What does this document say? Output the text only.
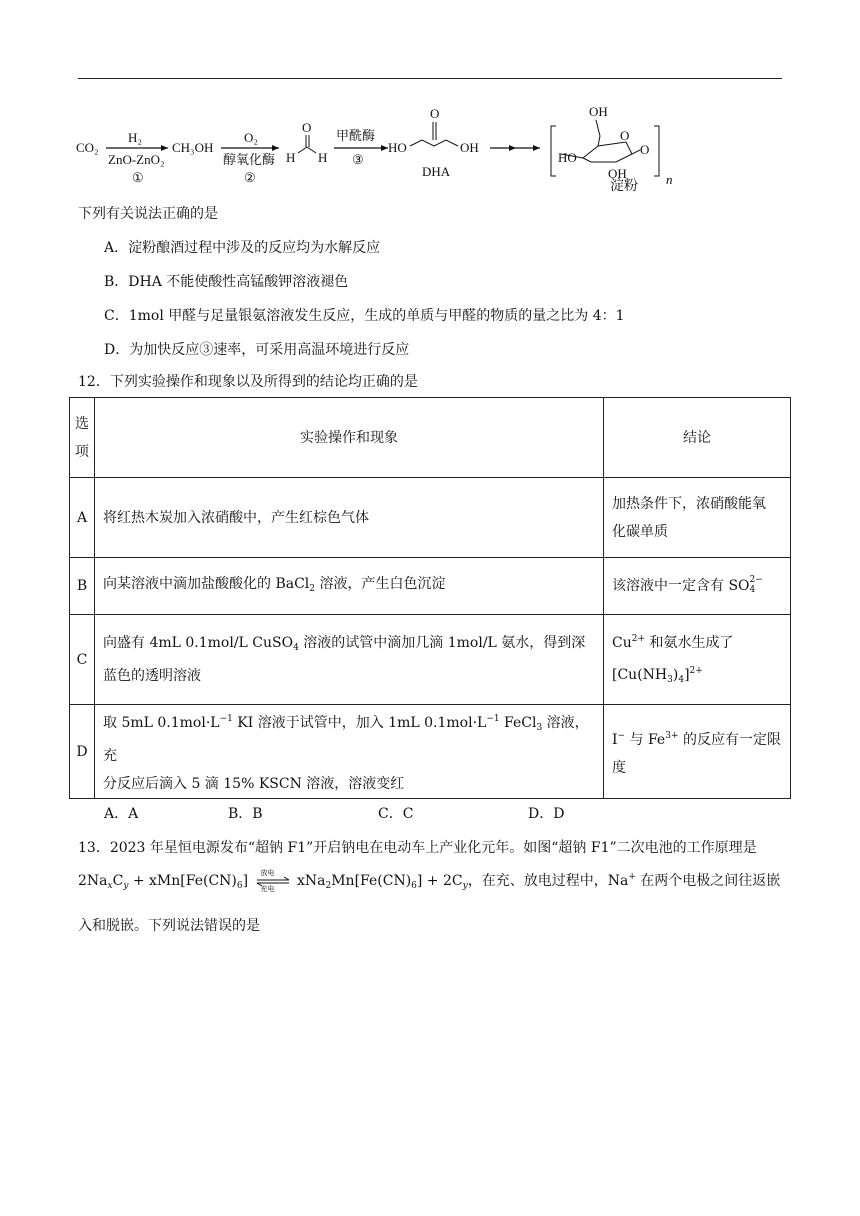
CO₂
H₂
ZnO-ZnO₂
①
CH₃OH
O₂
醇氧化酶
②
O
H H
甲酰酶
③
HO
O
OH
DHA
OH
O
HO
OH
O
淀粉 n
下列有关说法正确的是
A．淀粉酿酒过程中涉及的反应均为水解反应
B．DHA 不能使酸性高锰酸钾溶液褪色
C．1mol 甲醛与足量银氨溶液发生反应，生成的单质与甲醛的物质的量之比为 4：1
D．为加快反应③速率，可采用高温环境进行反应
12．下列实验操作和现象以及所得到的结论均正确的是
选
项	实验操作和现象	结论
A	将红热木炭加入浓硝酸中，产生红棕色气体	加热条件下，浓硝酸能氧
化碳单质
B	向某溶液中滴加盐酸酸化的 BaCl$_2$ 溶液，产生白色沉淀	该溶液中一定含有 SO 2−
4

C	向盛有 4mL 0.1mol/L CuSO$_4$ 溶液的试管中滴加几滴 1mol/L 氨水，得到深
蓝色的透明溶液	$Cu^{2+}$ 和氨水生成了
$[Cu(NH_3)_4]^{2+}$
D	取 5mL $0.1mol\cdot L^{-1}$ KI 溶液于试管中，加入 1mL $0.1mol\cdot L^{-1}$ FeCl$_3$ 溶液，充
分反应后滴入 5 滴 15% KSCN 溶液，溶液变红	I− 与 $Fe^{3+}$ 的反应有一定限
度
A．A	B．B	C．C	D．D
13．2023 年星恒电源发布“超钠 F1”开启钠电在电动车上产业化元年。如图“超钠 F1”二次电池的工作原理是
$2Na_xC_y + xMn[Fe(CN)_6]$ 放电
充电 $xNa_2Mn[Fe(CN)_6] + 2C_y$，在充、放电过程中，Na+ 在两个电极之间往返嵌
入和脱嵌。下列说法错误的是
